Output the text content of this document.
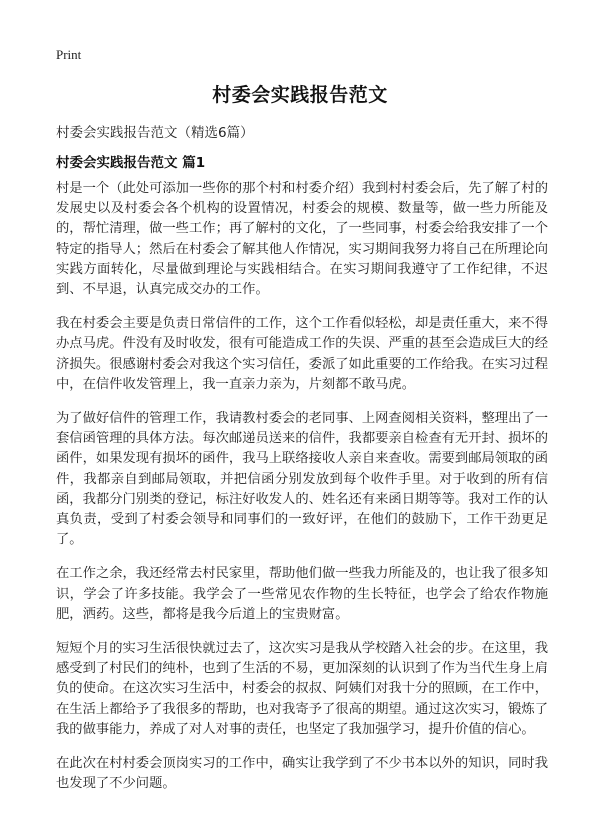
Print
村委会实践报告范文
村委会实践报告范文（精选6篇）
村委会实践报告范文 篇1

村是一个（此处可添加一些你的那个村和村委介绍）我到村村委会后，先了解了村的发展史以及村委会各个机构的设置情况，村委会的规模、数量等，做一些力所能及的，帮忙清理，做一些工作；再了解村的文化，了一些同事，村委会给我安排了一个特定的指导人；然后在村委会了解其他人作情况，实习期间我努力将自己在所理论向实践方面转化，尽量做到理论与实践相结合。在实习期间我遵守了工作纪律，不迟到、不早退，认真完成交办的工作。

我在村委会主要是负责日常信件的工作，这个工作看似轻松，却是责任重大，来不得办点马虎。件没有及时收发，很有可能造成工作的失误、严重的甚至会造成巨大的经济损失。很感谢村委会对我这个实习信任，委派了如此重要的工作给我。在实习过程中，在信件收发管理上，我一直亲力亲为，片刻都不敢马虎。

为了做好信件的管理工作，我请教村委会的老同事、上网查阅相关资料，整理出了一套信函管理的具体方法。每次邮递员送来的信件，我都要亲自检查有无开封、损坏的函件，如果发现有损坏的函件，我马上联络接收人亲自来查收。需要到邮局领取的函件，我都亲自到邮局领取，并把信函分别发放到每个收件手里。对于收到的所有信函，我都分门别类的登记，标注好收发人的、姓名还有来函日期等等。我对工作的认真负责，受到了村委会领导和同事们的一致好评，在他们的鼓励下，工作干劲更足了。

在工作之余，我还经常去村民家里，帮助他们做一些我力所能及的，也让我了很多知识，学会了许多技能。我学会了一些常见农作物的生长特征，也学会了给农作物施肥，洒药。这些，都将是我今后道上的宝贵财富。

短短个月的实习生活很快就过去了，这次实习是我从学校踏入社会的步。在这里，我感受到了村民们的纯朴，也到了生活的不易，更加深刻的认识到了作为当代生身上肩负的使命。在这次实习生活中，村委会的叔叔、阿姨们对我十分的照顾，在工作中，在生活上都给予了我很多的帮助，也对我寄予了很高的期望。通过这次实习，锻炼了我的做事能力，养成了对人对事的责任，也坚定了我加强学习，提升价值的信心。

在此次在村村委会顶岗实习的工作中，确实让我学到了不少书本以外的知识，同时我也发现了不少问题。
